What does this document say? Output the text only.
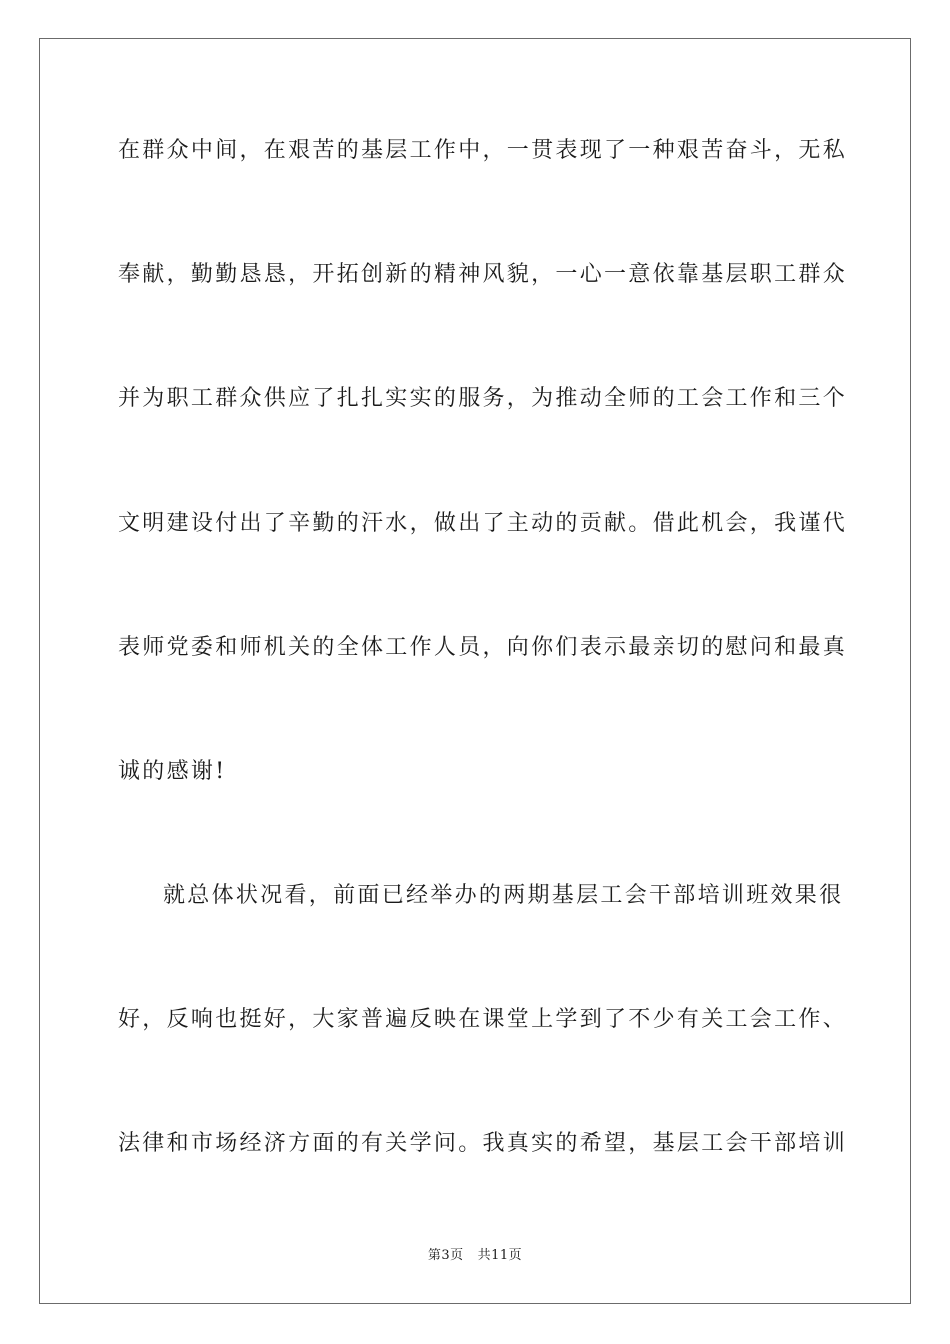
在群众中间，在艰苦的基层工作中，一贯表现了一种艰苦奋斗，无私
奉献，勤勤恳恳，开拓创新的精神风貌，一心一意依靠基层职工群众
并为职工群众供应了扎扎实实的服务，为推动全师的工会工作和三个
文明建设付出了辛勤的汗水，做出了主动的贡献。借此机会，我谨代
表师党委和师机关的全体工作人员，向你们表示最亲切的慰问和最真
诚的感谢!
就总体状况看，前面已经举办的两期基层工会干部培训班效果很
好，反响也挺好，大家普遍反映在课堂上学到了不少有关工会工作、
法律和市场经济方面的有关学问。我真实的希望，基层工会干部培训
第3页 共11页
